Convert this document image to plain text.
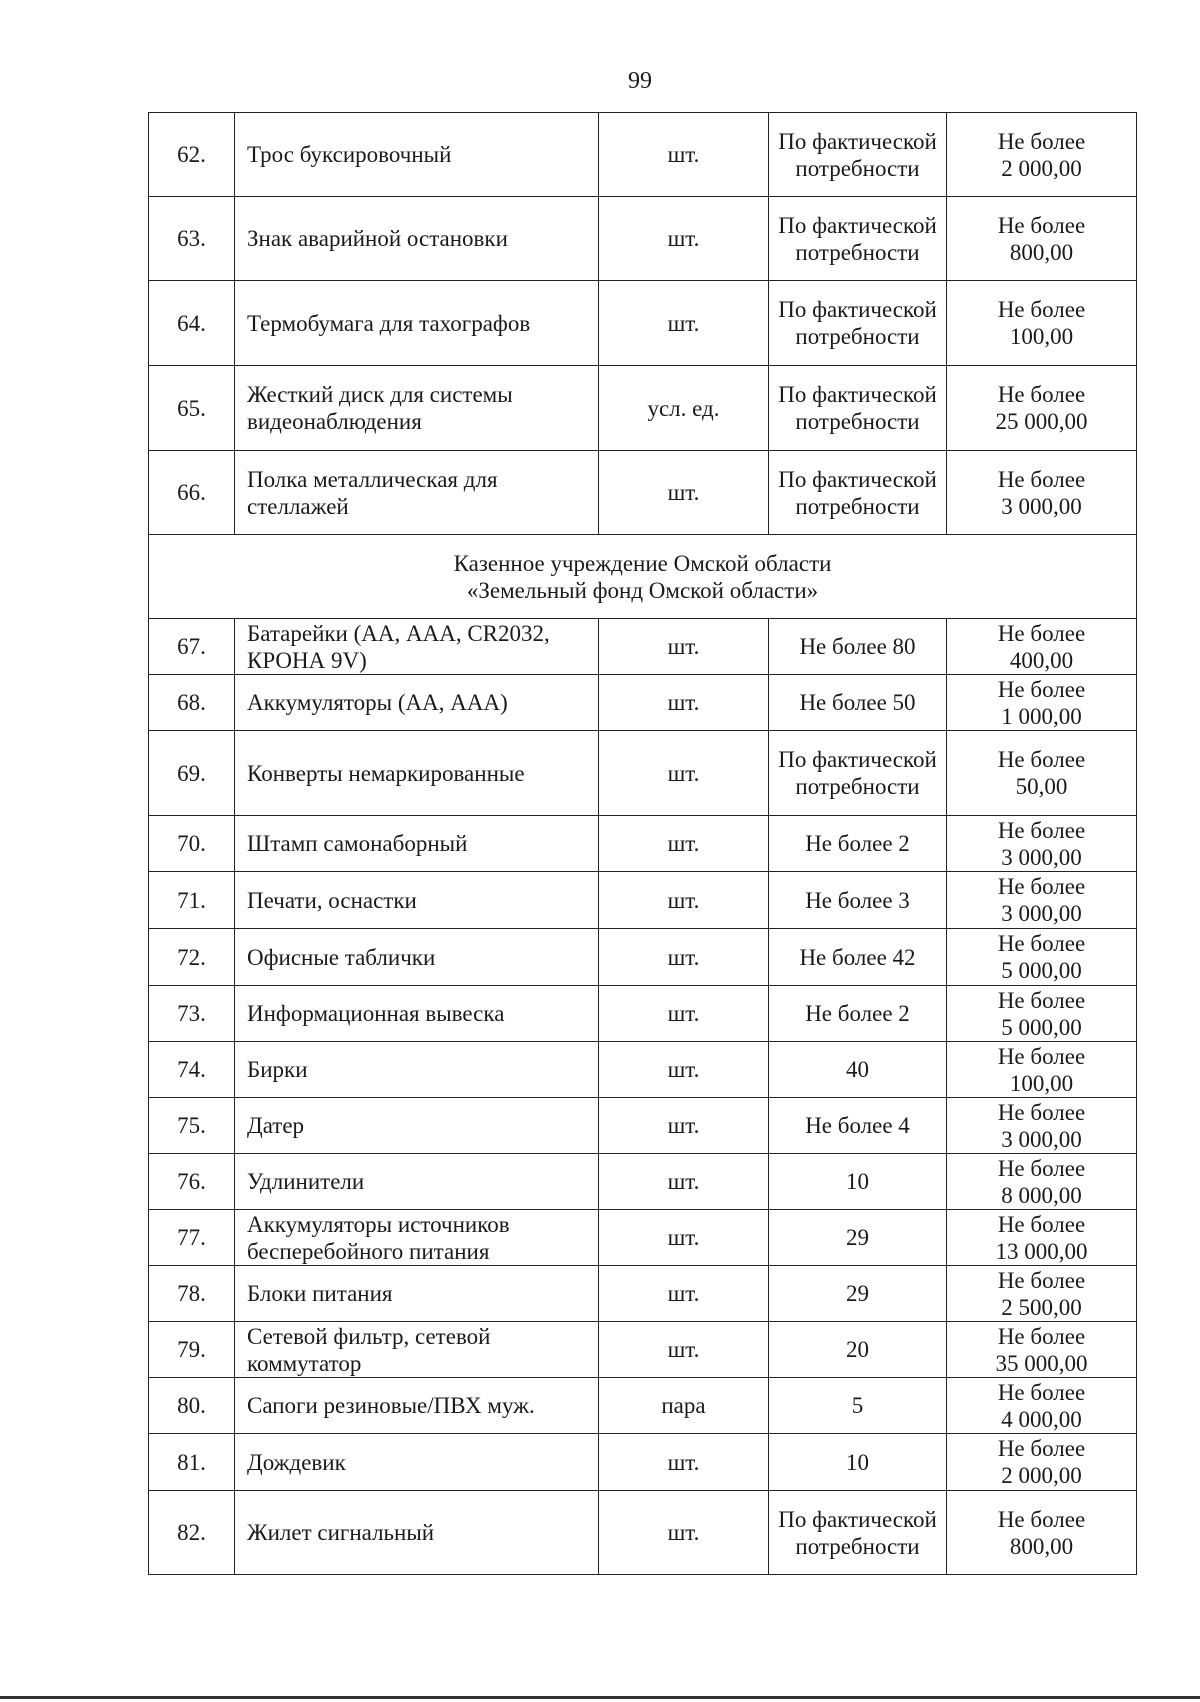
99
62.	Трос буксировочный	шт.	По фактической потребности	Не более
2 000,00

63.	Знак аварийной остановки	шт.	По фактической потребности	Не более
800,00

64.	Термобумага для тахографов	шт.	По фактической потребности	Не более
100,00

65.	Жесткий диск для системы видеонаблюдения	усл. ед.	По фактической потребности	Не более
25 000,00

66.	Полка металлическая для стеллажей	шт.	По фактической потребности	Не более
3 000,00

Казенное учреждение Омской области
«Земельный фонд Омской области»				

67.	Батарейки (АА, ААА, CR2032, КРОНА 9V)	шт.	Не более 80	Не более
400,00

68.	Аккумуляторы (АА, ААА)	шт.	Не более 50	Не более
1 000,00

69.	Конверты немаркированные	шт.	По фактической потребности	Не более
50,00

70.	Штамп самонаборный	шт.	Не более 2	Не более
3 000,00

71.	Печати, оснастки	шт.	Не более 3	Не более
3 000,00

72.	Офисные таблички	шт.	Не более 42	Не более
5 000,00

73.	Информационная вывеска	шт.	Не более 2	Не более
5 000,00

74.	Бирки	шт.	40	Не более
100,00

75.	Датер	шт.	Не более 4	Не более
3 000,00

76.	Удлинители	шт.	10	Не более
8 000,00

77.	Аккумуляторы источников бесперебойного питания	шт.	29	Не более
13 000,00

78.	Блоки питания	шт.	29	Не более
2 500,00

79.	Сетевой фильтр, сетевой коммутатор	шт.	20	Не более
35 000,00

80.	Сапоги резиновые/ПВХ муж.	пара	5	Не более
4 000,00

81.	Дождевик	шт.	10	Не более
2 000,00

82.	Жилет сигнальный	шт.	По фактической потребности	Не более
800,00
